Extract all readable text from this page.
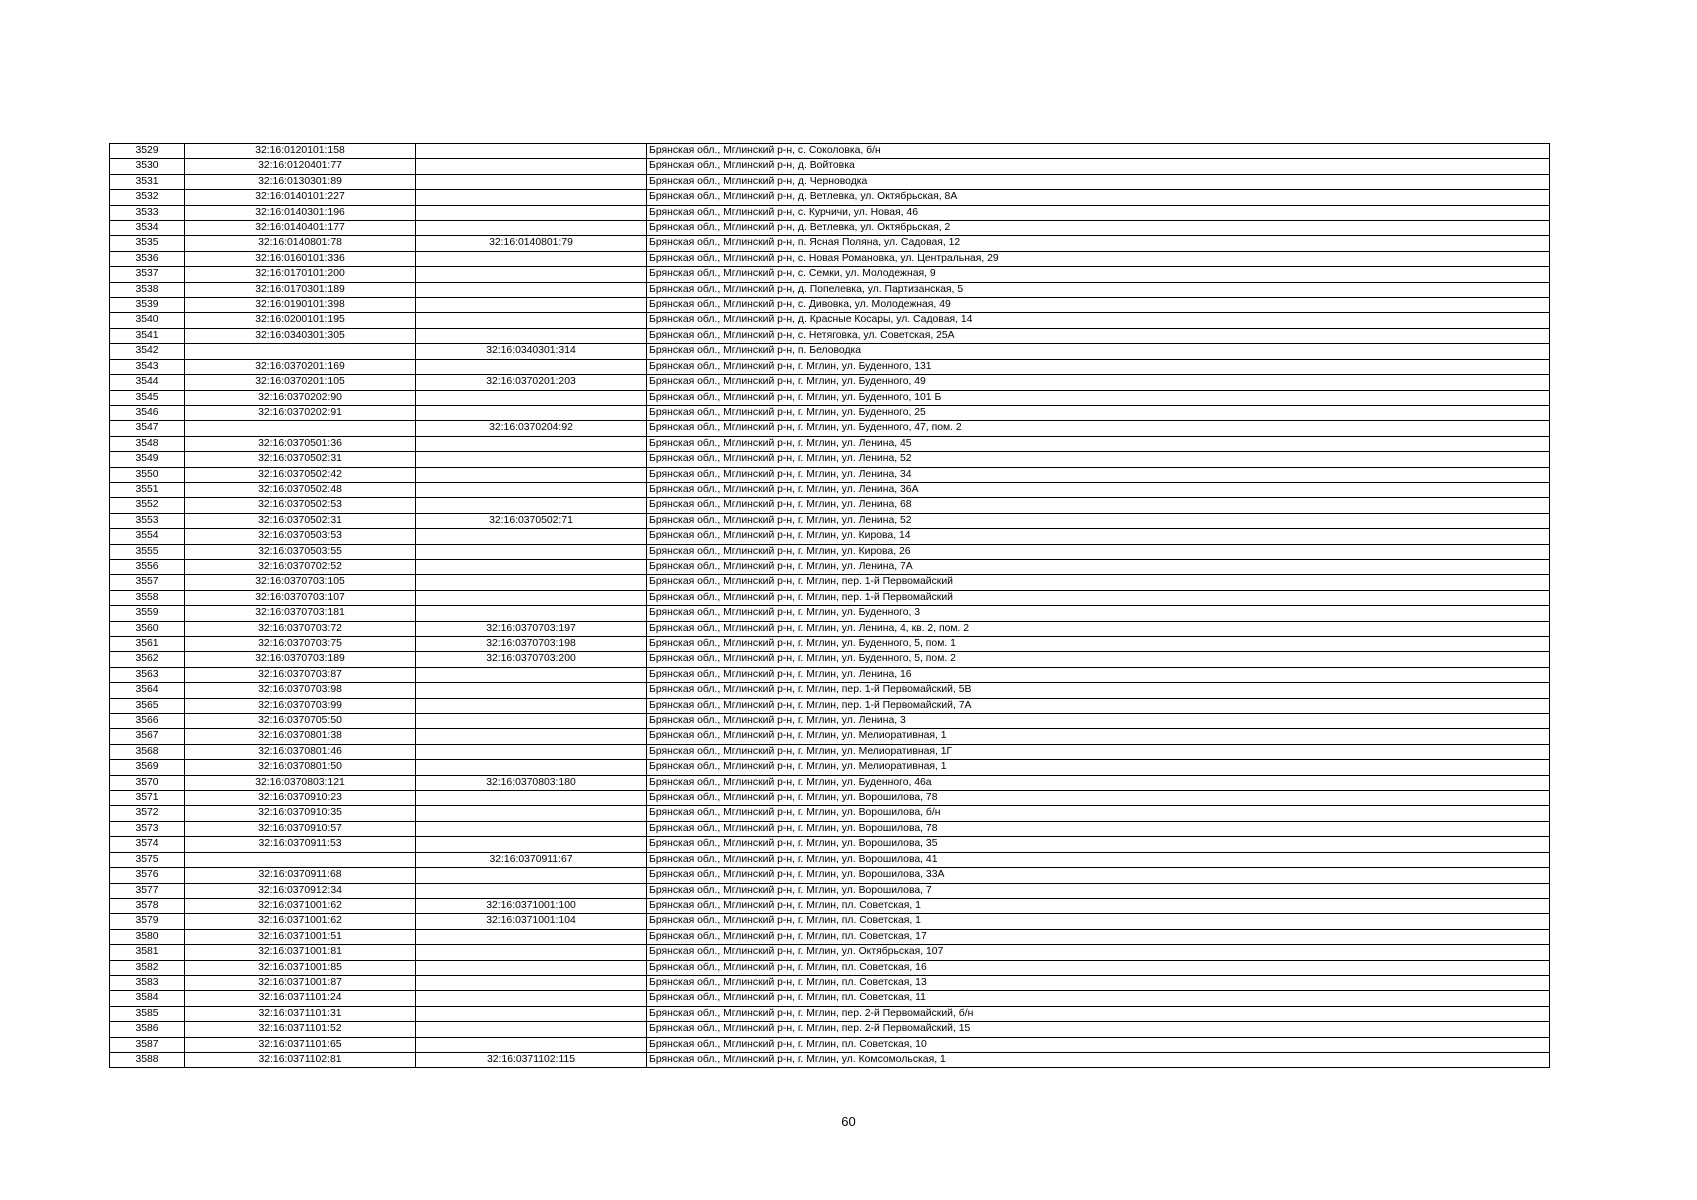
3529	32:16:0120101:158		Брянская обл., Мглинский р-н, с. Соколовка, б/н
3530	32:16:0120401:77		Брянская обл., Мглинский р-н, д. Войтовка
3531	32:16:0130301:89		Брянская обл., Мглинский р-н, д. Черноводка
3532	32:16:0140101:227		Брянская обл., Мглинский р-н, д. Ветлевка, ул. Октябрьская, 8А
3533	32:16:0140301:196		Брянская обл., Мглинский р-н, с. Курчичи, ул. Новая, 46
3534	32:16:0140401:177		Брянская обл., Мглинский р-н, д. Ветлевка, ул. Октябрьская, 2
3535	32:16:0140801:78	32:16:0140801:79	Брянская обл., Мглинский р-н, п. Ясная Поляна, ул. Садовая, 12
3536	32:16:0160101:336		Брянская обл., Мглинский р-н, с. Новая Романовка, ул. Центральная, 29
3537	32:16:0170101:200		Брянская обл., Мглинский р-н, с. Семки, ул. Молодежная, 9
3538	32:16:0170301:189		Брянская обл., Мглинский р-н, д. Попелевка, ул. Партизанская, 5
3539	32:16:0190101:398		Брянская обл., Мглинский р-н, с. Дивовка, ул. Молодежная, 49
3540	32:16:0200101:195		Брянская обл., Мглинский р-н, д. Красные Косары, ул. Садовая, 14
3541	32:16:0340301:305		Брянская обл., Мглинский р-н, с. Нетяговка, ул. Советская, 25А
3542		32:16:0340301:314	Брянская обл., Мглинский р-н, п. Беловодка
3543	32:16:0370201:169		Брянская обл., Мглинский р-н, г. Мглин, ул. Буденного, 131
3544	32:16:0370201:105	32:16:0370201:203	Брянская обл., Мглинский р-н, г. Мглин, ул. Буденного, 49
3545	32:16:0370202:90		Брянская обл., Мглинский р-н, г. Мглин, ул. Буденного, 101 Б
3546	32:16:0370202:91		Брянская обл., Мглинский р-н, г. Мглин, ул. Буденного, 25
3547		32:16:0370204:92	Брянская обл., Мглинский р-н, г. Мглин, ул. Буденного, 47, пом. 2
3548	32:16:0370501:36		Брянская обл., Мглинский р-н, г. Мглин, ул. Ленина, 45
3549	32:16:0370502:31		Брянская обл., Мглинский р-н, г. Мглин, ул. Ленина, 52
3550	32:16:0370502:42		Брянская обл., Мглинский р-н, г. Мглин, ул. Ленина, 34
3551	32:16:0370502:48		Брянская обл., Мглинский р-н, г. Мглин, ул. Ленина, 36А
3552	32:16:0370502:53		Брянская обл., Мглинский р-н, г. Мглин, ул. Ленина, 68
3553	32:16:0370502:31	32:16:0370502:71	Брянская обл., Мглинский р-н, г. Мглин, ул. Ленина, 52
3554	32:16:0370503:53		Брянская обл., Мглинский р-н, г. Мглин, ул. Кирова, 14
3555	32:16:0370503:55		Брянская обл., Мглинский р-н, г. Мглин, ул. Кирова, 26
3556	32:16:0370702:52		Брянская обл., Мглинский р-н, г. Мглин, ул. Ленина, 7А
3557	32:16:0370703:105		Брянская обл., Мглинский р-н, г. Мглин, пер. 1-й Первомайский
3558	32:16:0370703:107		Брянская обл., Мглинский р-н, г. Мглин, пер. 1-й Первомайский
3559	32:16:0370703:181		Брянская обл., Мглинский р-н, г. Мглин, ул. Буденного, 3
3560	32:16:0370703:72	32:16:0370703:197	Брянская обл., Мглинский р-н, г. Мглин, ул. Ленина, 4, кв. 2, пом. 2
3561	32:16:0370703:75	32:16:0370703:198	Брянская обл., Мглинский р-н, г. Мглин, ул. Буденного, 5, пом. 1
3562	32:16:0370703:189	32:16:0370703:200	Брянская обл., Мглинский р-н, г. Мглин, ул. Буденного, 5, пом. 2
3563	32:16:0370703:87		Брянская обл., Мглинский р-н, г. Мглин, ул. Ленина, 16
3564	32:16:0370703:98		Брянская обл., Мглинский р-н, г. Мглин, пер. 1-й Первомайский, 5В
3565	32:16:0370703:99		Брянская обл., Мглинский р-н, г. Мглин, пер. 1-й Первомайский, 7А
3566	32:16:0370705:50		Брянская обл., Мглинский р-н, г. Мглин, ул. Ленина, 3
3567	32:16:0370801:38		Брянская обл., Мглинский р-н, г. Мглин, ул. Мелиоративная, 1
3568	32:16:0370801:46		Брянская обл., Мглинский р-н, г. Мглин, ул. Мелиоративная, 1Г
3569	32:16:0370801:50		Брянская обл., Мглинский р-н, г. Мглин, ул. Мелиоративная, 1
3570	32:16:0370803:121	32:16:0370803:180	Брянская обл., Мглинский р-н, г. Мглин, ул. Буденного, 46а
3571	32:16:0370910:23		Брянская обл., Мглинский р-н, г. Мглин, ул. Ворошилова, 78
3572	32:16:0370910:35		Брянская обл., Мглинский р-н, г. Мглин, ул. Ворошилова, б/н
3573	32:16:0370910:57		Брянская обл., Мглинский р-н, г. Мглин, ул. Ворошилова, 78
3574	32:16:0370911:53		Брянская обл., Мглинский р-н, г. Мглин, ул. Ворошилова, 35
3575		32:16:0370911:67	Брянская обл., Мглинский р-н, г. Мглин, ул. Ворошилова, 41
3576	32:16:0370911:68		Брянская обл., Мглинский р-н, г. Мглин, ул. Ворошилова, 33А
3577	32:16:0370912:34		Брянская обл., Мглинский р-н, г. Мглин, ул. Ворошилова, 7
3578	32:16:0371001:62	32:16:0371001:100	Брянская обл., Мглинский р-н, г. Мглин, пл. Советская, 1
3579	32:16:0371001:62	32:16:0371001:104	Брянская обл., Мглинский р-н, г. Мглин, пл. Советская, 1
3580	32:16:0371001:51		Брянская обл., Мглинский р-н, г. Мглин, пл. Советская, 17
3581	32:16:0371001:81		Брянская обл., Мглинский р-н, г. Мглин, ул. Октябрьская, 107
3582	32:16:0371001:85		Брянская обл., Мглинский р-н, г. Мглин, пл. Советская, 16
3583	32:16:0371001:87		Брянская обл., Мглинский р-н, г. Мглин, пл. Советская, 13
3584	32:16:0371101:24		Брянская обл., Мглинский р-н, г. Мглин, пл. Советская, 11
3585	32:16:0371101:31		Брянская обл., Мглинский р-н, г. Мглин, пер. 2-й Первомайский, б/н
3586	32:16:0371101:52		Брянская обл., Мглинский р-н, г. Мглин, пер. 2-й Первомайский, 15
3587	32:16:0371101:65		Брянская обл., Мглинский р-н, г. Мглин, пл. Советская, 10
3588	32:16:0371102:81	32:16:0371102:115	Брянская обл., Мглинский р-н, г. Мглин, ул. Комсомольская, 1
60
